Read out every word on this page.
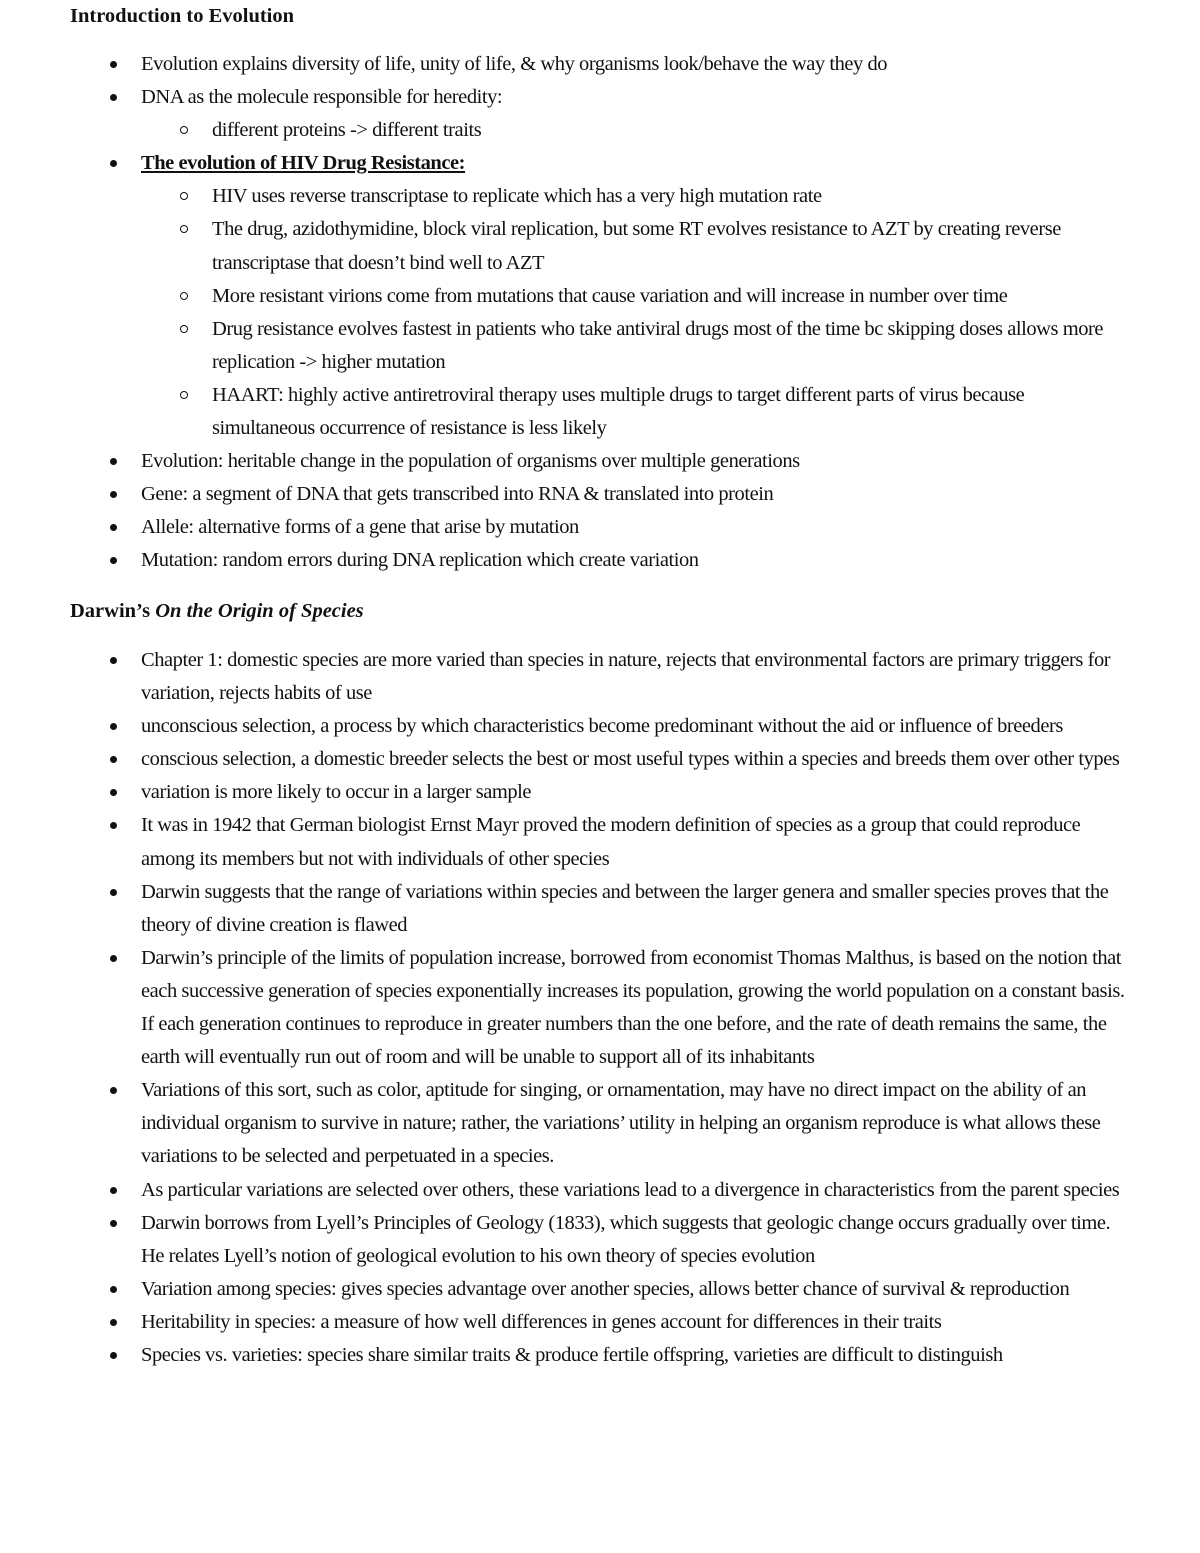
Introduction to Evolution
Evolution explains diversity of life, unity of life, & why organisms look/behave the way they do
DNA as the molecule responsible for heredity:
different proteins -> different traits
The evolution of HIV Drug Resistance:
HIV uses reverse transcriptase to replicate which has a very high mutation rate
The drug, azidothymidine, block viral replication, but some RT evolves resistance to AZT by creating reverse transcriptase that doesn’t bind well to AZT
More resistant virions come from mutations that cause variation and will increase in number over time
Drug resistance evolves fastest in patients who take antiviral drugs most of the time bc skipping doses allows more replication -> higher mutation
HAART: highly active antiretroviral therapy uses multiple drugs to target different parts of virus because simultaneous occurrence of resistance is less likely
Evolution: heritable change in the population of organisms over multiple generations
Gene: a segment of DNA that gets transcribed into RNA & translated into protein
Allele: alternative forms of a gene that arise by mutation
Mutation: random errors during DNA replication which create variation
Darwin’s On the Origin of Species
Chapter 1: domestic species are more varied than species in nature, rejects that environmental factors are primary triggers for variation, rejects habits of use
unconscious selection, a process by which characteristics become predominant without the aid or influence of breeders
conscious selection, a domestic breeder selects the best or most useful types within a species and breeds them over other types
variation is more likely to occur in a larger sample
It was in 1942 that German biologist Ernst Mayr proved the modern definition of species as a group that could reproduce among its members but not with individuals of other species
Darwin suggests that the range of variations within species and between the larger genera and smaller species proves that the theory of divine creation is flawed
Darwin’s principle of the limits of population increase, borrowed from economist Thomas Malthus, is based on the notion that each successive generation of species exponentially increases its population, growing the world population on a constant basis. If each generation continues to reproduce in greater numbers than the one before, and the rate of death remains the same, the earth will eventually run out of room and will be unable to support all of its inhabitants
Variations of this sort, such as color, aptitude for singing, or ornamentation, may have no direct impact on the ability of an individual organism to survive in nature; rather, the variations’ utility in helping an organism reproduce is what allows these variations to be selected and perpetuated in a species.
As particular variations are selected over others, these variations lead to a divergence in characteristics from the parent species
Darwin borrows from Lyell’s Principles of Geology (1833), which suggests that geologic change occurs gradually over time. He relates Lyell’s notion of geological evolution to his own theory of species evolution
Variation among species: gives species advantage over another species, allows better chance of survival & reproduction
Heritability in species: a measure of how well differences in genes account for differences in their traits
Species vs. varieties: species share similar traits & produce fertile offspring, varieties are difficult to distinguish
